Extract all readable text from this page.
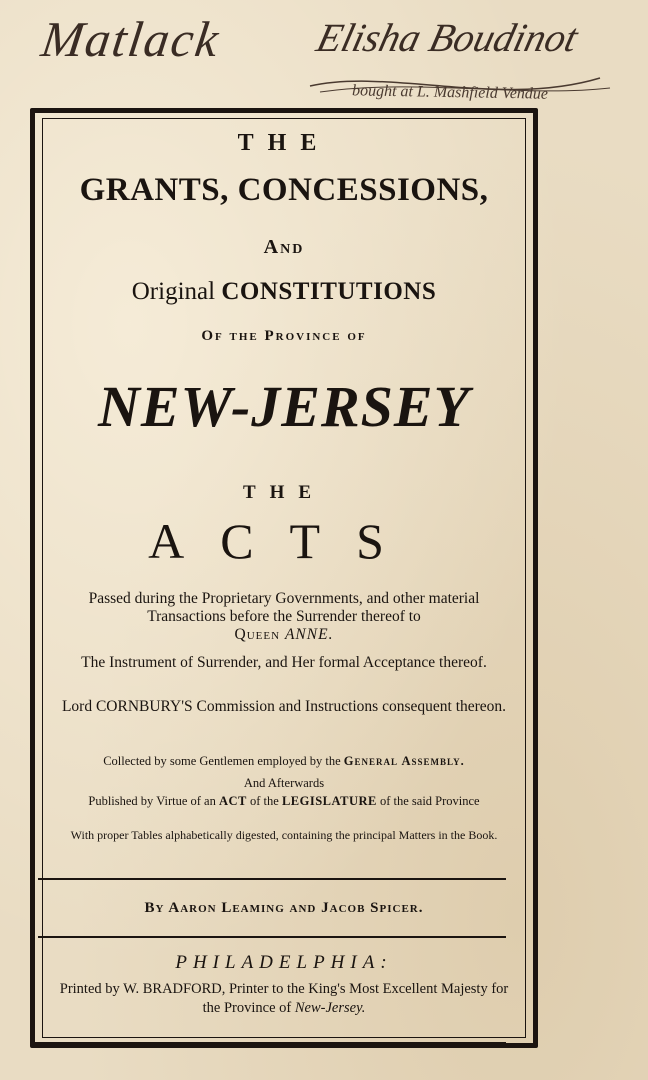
Matlack Elisha Boudinot
bought at L. Mashfield Vendue
THE
GRANTS, CONCESSIONS,
And
Original CONSTITUTIONS
Of the Province of
NEW-JERSEY
THE
ACTS
Passed during the Proprietary Governments, and other material Transactions before the Surrender thereof to
Queen ANNE.
The Instrument of Surrender, and Her formal Acceptance thereof.
Lord CORNBURY'S Commission and Instructions consequent thereon.
Collected by some Gentlemen employed by the General Assembly.
And Afterwards
Published by Virtue of an ACT of the LEGISLATURE of the said Province
With proper Tables alphabetically digested, containing the principal Matters in the Book.
By Aaron Leaming and Jacob Spicer.
PHILADELPHIA:
Printed by W. BRADFORD, Printer to the King's Most Excellent Majesty for the Province of New-Jersey.
